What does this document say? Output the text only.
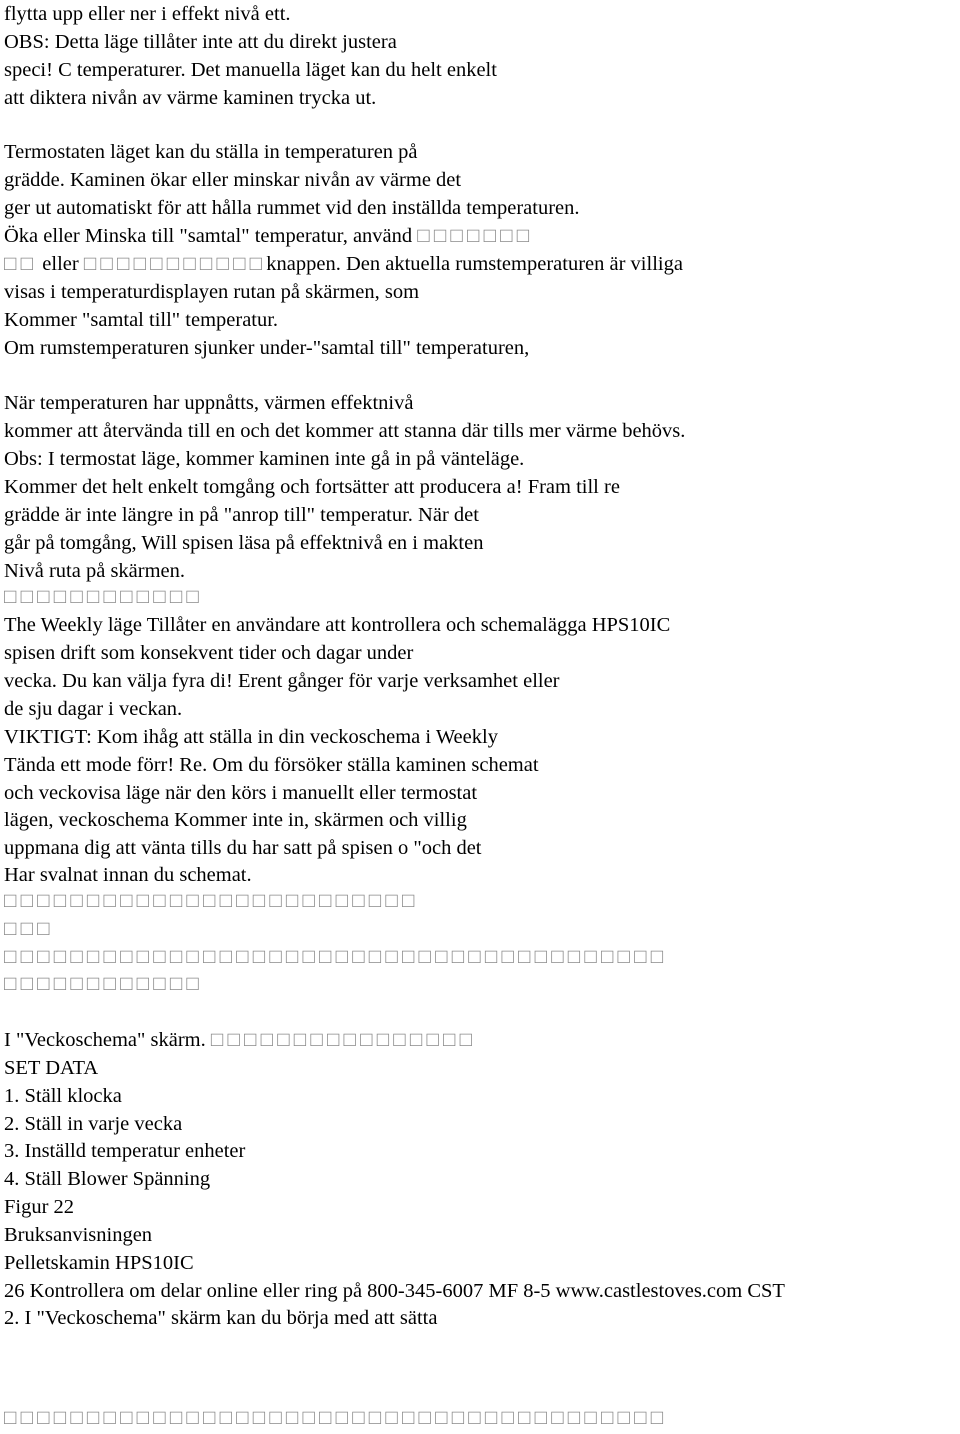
flytta upp eller ner i effekt nivå ett.
OBS: Detta läge tillåter inte att du direkt justera
speci! C temperaturer. Det manuella läget kan du helt enkelt
att diktera nivån av värme kaminen trycka ut.
Termostaten läget kan du ställa in temperaturen på
grädde. Kaminen ökar eller minskar nivån av värme det
ger ut automatiskt för att hålla rummet vid den inställda temperaturen.
Öka eller Minska till "samtal" temperatur, använd □□□□□□□
□□ eller □□□□□□□□□□□knappen. Den aktuella rumstemperaturen är villiga
visas i temperaturdisplayen rutan på skärmen, som
Kommer "samtal till" temperatur.
Om rumstemperaturen sjunker under-"samtal till" temperaturen,
När temperaturen har uppnåtts, värmen effektnivå
kommer att återvända till en och det kommer att stanna där tills mer värme behövs.
Obs: I termostat läge, kommer kaminen inte gå in på vänteläge.
Kommer det helt enkelt tomgång och fortsätter att producera a! Fram till re
grädde är inte längre in på "anrop till" temperatur. När det
går på tomgång, Will spisen läsa på effektnivå en i makten
Nivå ruta på skärmen.
□□□□□□□□□□□□
The Weekly läge Tillåter en användare att kontrollera och schemalägga HPS10IC
spisen drift som konsekvent tider och dagar under
vecka. Du kan välja fyra di! Erent gånger för varje verksamhet eller
de sju dagar i veckan.
VIKTIGT: Kom ihåg att ställa in din veckoschema i Weekly
Tända ett mode förr! Re. Om du försöker ställa kaminen schemat
och veckovisa läge när den körs i manuellt eller termostat
lägen, veckoschema Kommer inte in, skärmen och villig
uppmana dig att vänta tills du har satt på spisen o "och det
Har svalnat innan du schemat.
□□□□□□□□□□□□□□□□□□□□□□□□□
□□□
□□□□□□□□□□□□□□□□□□□□□□□□□□□□□□□□□□□□□□□□
□□□□□□□□□□□□
I "Veckoschema" skärm. □□□□□□□□□□□□□□□□
SET DATA
1. Ställ klocka
2. Ställ in varje vecka
3. Inställd temperatur enheter
4. Ställ Blower Spänning
Figur 22
Bruksanvisningen
Pelletskamin HPS10IC
26 Kontrollera om delar online eller ring på 800-345-6007 MF 8-5 www.castlestoves.com CST
2. I "Veckoschema" skärm kan du börja med att sätta
□□□□□□□□□□□□□□□□□□□□□□□□□□□□□□□□□□□□□□□□
